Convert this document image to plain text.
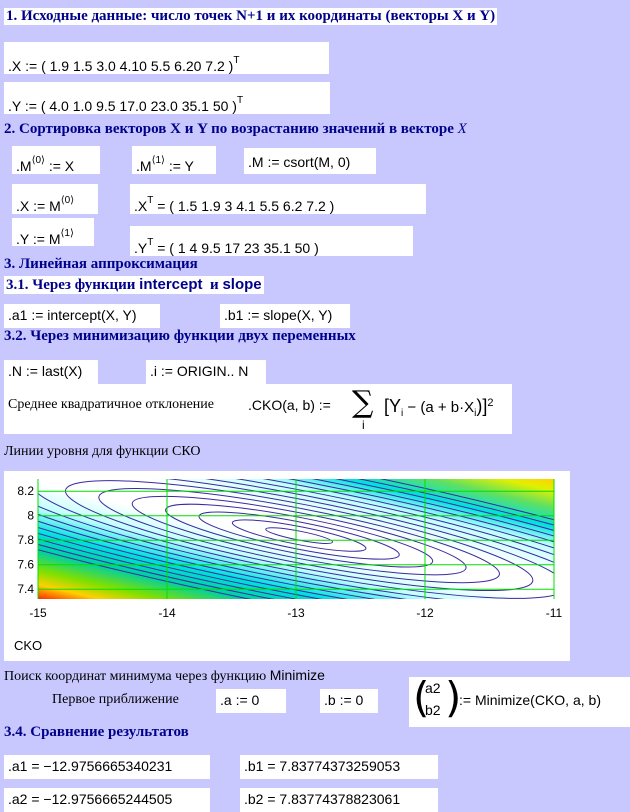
1. Исходные данные: число точек N+1 и их координаты (векторы X и Y)
.X := ( 1.9 1.5 3.0 4.10 5.5 6.20 7.2 )$^T$
.Y := ( 4.0 1.0 9.5 17.0 23.0 35.1 50 )$^T$
2. Сортировка векторов X и Y по возрастанию значений в векторе X
$.M^{⟨0⟩}$ := X	$.M^{⟨1⟩}$ := Y	.M := csort(M, 0)
.X := $M^{⟨0⟩}$	$.X^T$ = ( 1.5 1.9 3 4.1 5.5 6.2 7.2 )
.Y := $M^{⟨1⟩}$
$.Y^T$ = ( 1 4 9.5 17 23 35.1 50 )
3. Линейная аппроксимация
3.1. Через функции intercept и slope
.a1 := intercept(X, Y)	.b1 := slope(X, Y)
3.2. Через минимизацию функции двух переменных
.N := last(X)	.i := ORIGIN.. N
Среднее квадратичное отклонение .CKO(a, b) := ∑
i
$[Y_i - (a + b\cdot X_i)]^2$
Линии уровня для функции СКО
-15	-14	-13	-12	-11
8.2
8
7.8
7.6
7.4
CKO
Поиск координат минимума через функцию Minimize
Первое приближение	.a := 0	.b := 0	(
a2
b2 )
:= Minimize(CKO, a, b)
3.4. Сравнение результатов
.a1 = −12.9756665340231	.b1 = 7.83774373259053
.a2 = −12.9756665244505	.b2 = 7.83774378823061
